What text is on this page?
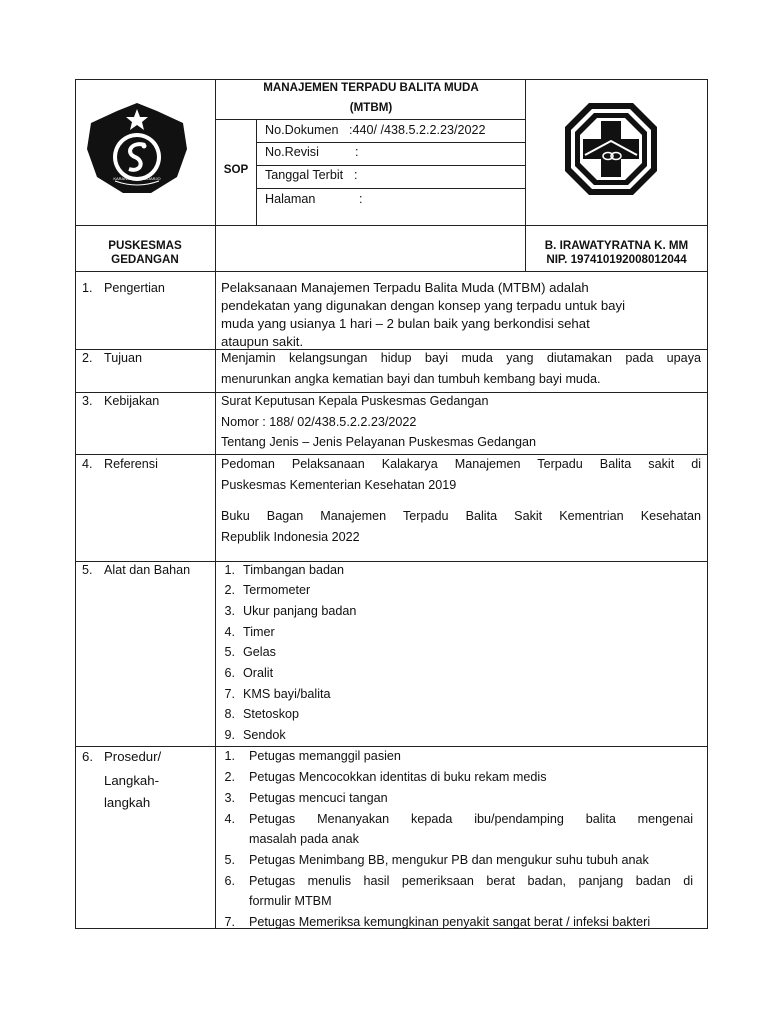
KARANGMEN SIDOARJO
MANAJEMEN TERPADU BALITA MUDA
(MTBM)
SOP
No.Dokumen :440/ /438.5.2.2.23/2022
No.Revisi	:
Tanggal Terbit :
Halaman	:
PUSKESMAS
GEDANGAN
B. IRAWATYRATNA K. MM
NIP. 197410192008012044
1. Pengertian	Pelaksanaan Manajemen Terpadu Balita Muda (MTBM) adalah
pendekatan yang digunakan dengan konsep yang terpadu untuk bayi
muda yang usianya 1 hari – 2 bulan baik yang berkondisi sehat
ataupun sakit.
2. Tujuan	Menjamin kelangsungan hidup bayi muda yang diutamakan pada upaya
menurunkan angka kematian bayi dan tumbuh kembang bayi muda.
3. Kebijakan	Surat Keputusan Kepala Puskesmas Gedangan
Nomor : 188/ 02/438.5.2.2.23/2022
Tentang Jenis – Jenis Pelayanan Puskesmas Gedangan
4. Referensi	Pedoman Pelaksanaan Kalakarya Manajemen Terpadu Balita sakit di
Puskesmas Kementerian Kesehatan 2019
Buku Bagan Manajemen Terpadu Balita Sakit Kementrian Kesehatan
Republik Indonesia 2022
5. Alat dan Bahan	1. Timbangan badan
2. Termometer
3. Ukur panjang badan
4. Timer
5. Gelas
6. Oralit
7. KMS bayi/balita
8. Stetoskop
9. Sendok
6. Prosedur/
Langkah-
langkah
1. Petugas memanggil pasien
2. Petugas Mencocokkan identitas di buku rekam medis
3. Petugas mencuci tangan
4. Petugas Menanyakan kepada ibu/pendamping balita mengenai
masalah pada anak
5. Petugas Menimbang BB, mengukur PB dan mengukur suhu tubuh anak
6. Petugas menulis hasil pemeriksaan berat badan, panjang badan di
formulir MTBM
7. Petugas Memeriksa kemungkinan penyakit sangat berat / infeksi bakteri
